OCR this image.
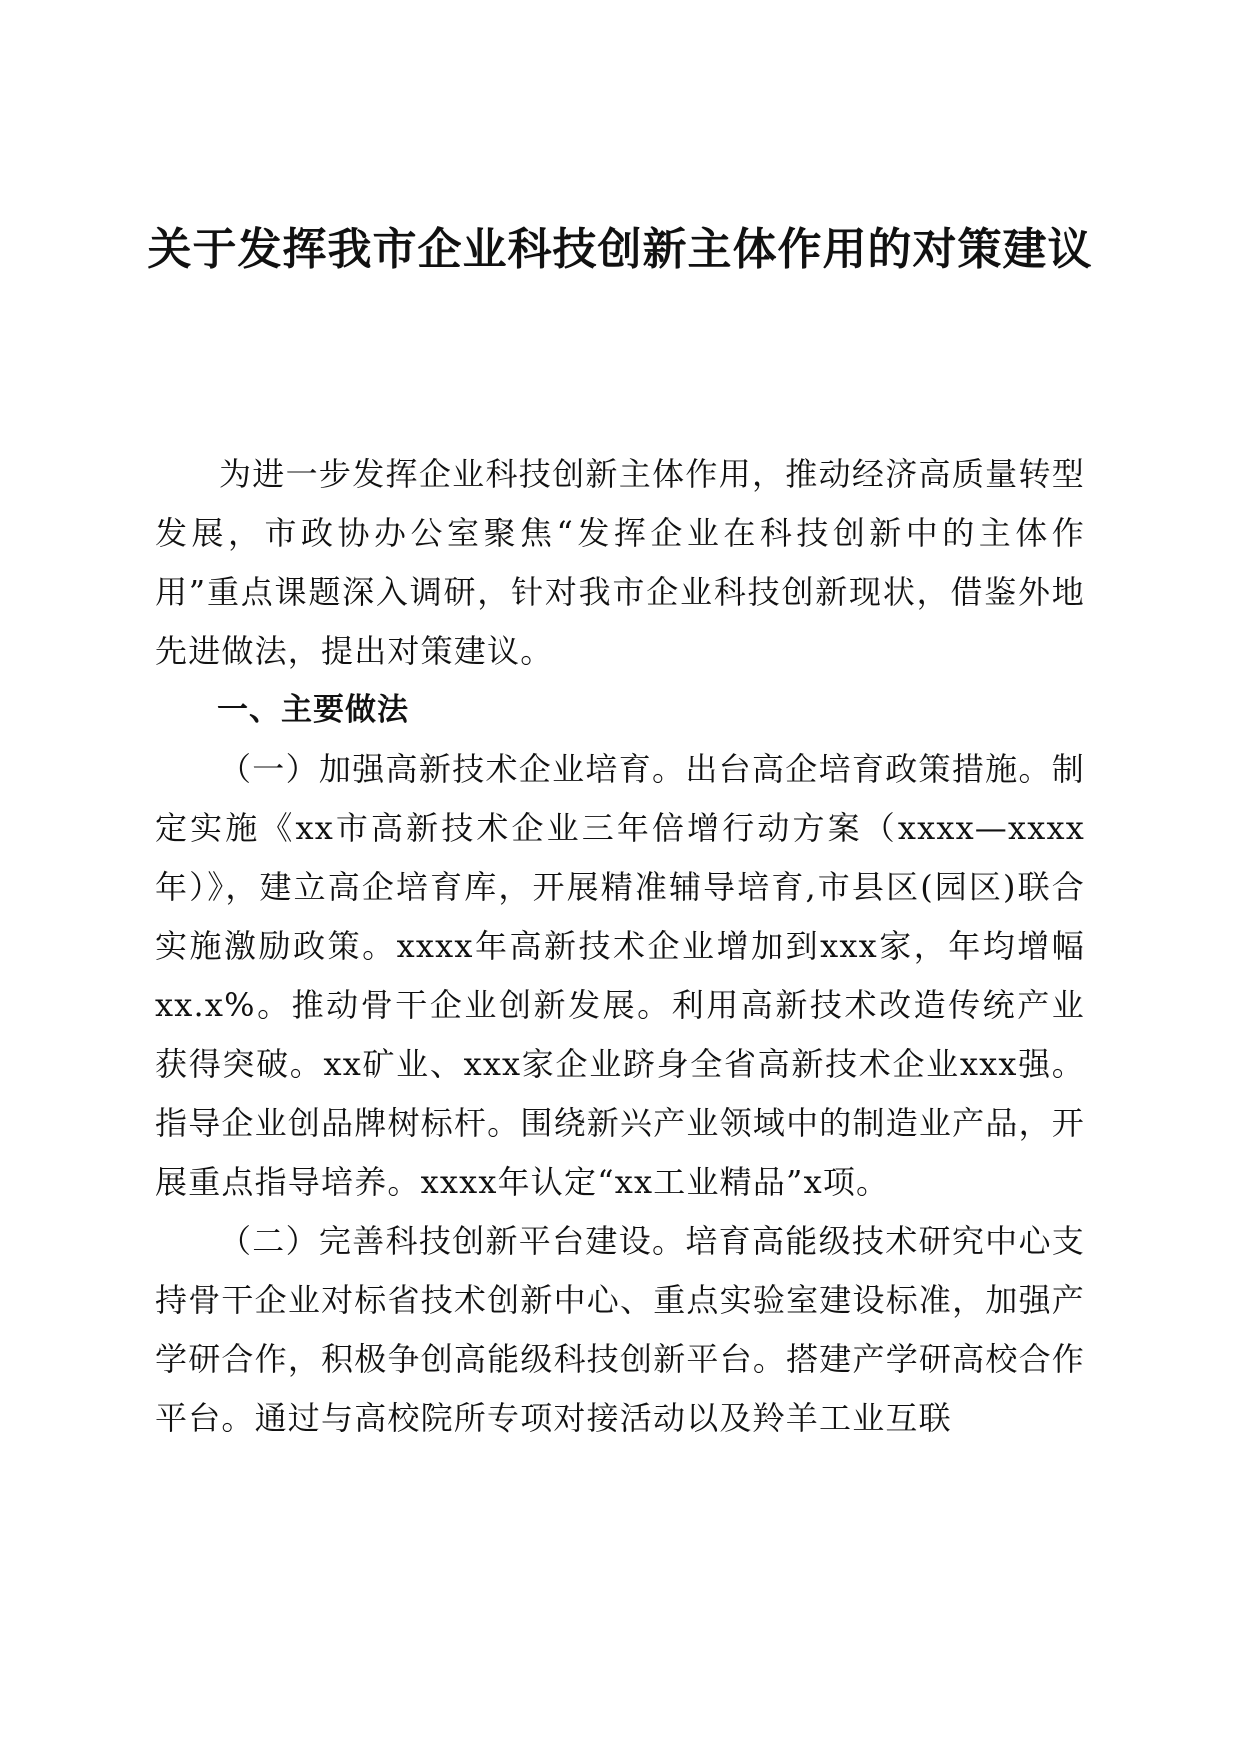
关于发挥我市企业科技创新主体作用的对策建议

为进一步发挥企业科技创新主体作用，推动经济高质量转型发展，市政协办公室聚焦“发挥企业在科技创新中的主体作用”重点课题深入调研，针对我市企业科技创新现状，借鉴外地先进做法，提出对策建议。

一、主要做法

（一）加强高新技术企业培育。出台高企培育政策措施。制定实施《xx市高新技术企业三年倍增行动方案（xxxx—xxxx年）》，建立高企培育库，开展精准辅导培育,市县区(园区)联合实施激励政策。xxxx年高新技术企业增加到xxx家，年均增幅xx.x%。推动骨干企业创新发展。利用高新技术改造传统产业获得突破。xx矿业、xxx家企业跻身全省高新技术企业xxx强。指导企业创品牌树标杆。围绕新兴产业领域中的制造业产品，开展重点指导培养。xxxx年认定“xx工业精品”x项。

（二）完善科技创新平台建设。培育高能级技术研究中心支持骨干企业对标省技术创新中心、重点实验室建设标准，加强产学研合作，积极争创高能级科技创新平台。搭建产学研高校合作平台。通过与高校院所专项对接活动以及羚羊工业互联
